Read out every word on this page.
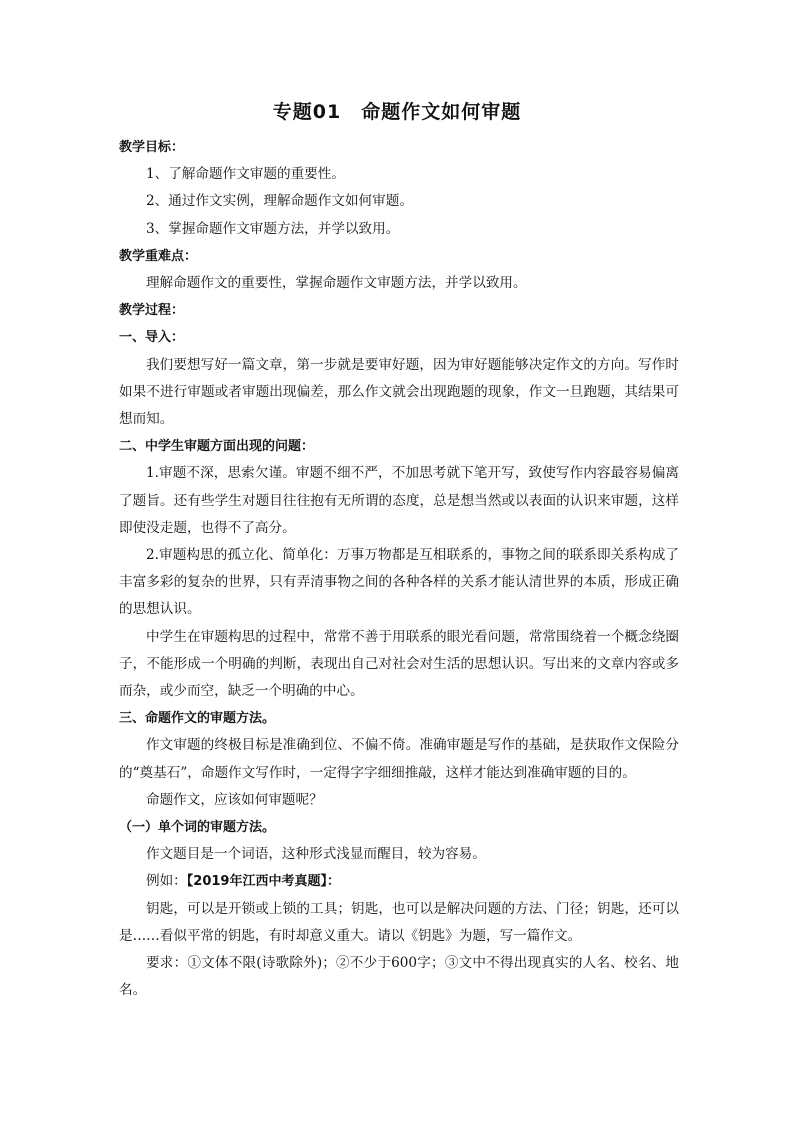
专题01　命题作文如何审题

教学目标：

1、了解命题作文审题的重要性。

2、通过作文实例，理解命题作文如何审题。

3、掌握命题作文审题方法，并学以致用。

教学重难点：

理解命题作文的重要性，掌握命题作文审题方法，并学以致用。

教学过程：

一、导入：

我们要想写好一篇文章，第一步就是要审好题，因为审好题能够决定作文的方向。写作时如果不进行审题或者审题出现偏差，那么作文就会出现跑题的现象，作文一旦跑题，其结果可想而知。

二、中学生审题方面出现的问题：

1.审题不深，思索欠谨。审题不细不严，不加思考就下笔开写，致使写作内容最容易偏离了题旨。还有些学生对题目往往抱有无所谓的态度，总是想当然或以表面的认识来审题，这样即使没走题，也得不了高分。

2.审题构思的孤立化、简单化：万事万物都是互相联系的，事物之间的联系即关系构成了丰富多彩的复杂的世界，只有弄清事物之间的各种各样的关系才能认清世界的本质，形成正确的思想认识。

中学生在审题构思的过程中，常常不善于用联系的眼光看问题，常常围绕着一个概念绕圈子，不能形成一个明确的判断，表现出自己对社会对生活的思想认识。写出来的文章内容或多而杂，或少而空，缺乏一个明确的中心。

三、命题作文的审题方法。

作文审题的终极目标是准确到位、不偏不倚。准确审题是写作的基础，是获取作文保险分的“奠基石”，命题作文写作时，一定得字字细细推敲，这样才能达到准确审题的目的。

命题作文，应该如何审题呢？

（一）单个词的审题方法。

作文题目是一个词语，这种形式浅显而醒目，较为容易。

例如：【2019年江西中考真题】：

钥匙，可以是开锁或上锁的工具；钥匙，也可以是解决问题的方法、门径；钥匙，还可以是……看似平常的钥匙，有时却意义重大。请以《钥匙》为题，写一篇作文。

要求：①文体不限(诗歌除外)；②不少于600字；③文中不得出现真实的人名、校名、地名。
